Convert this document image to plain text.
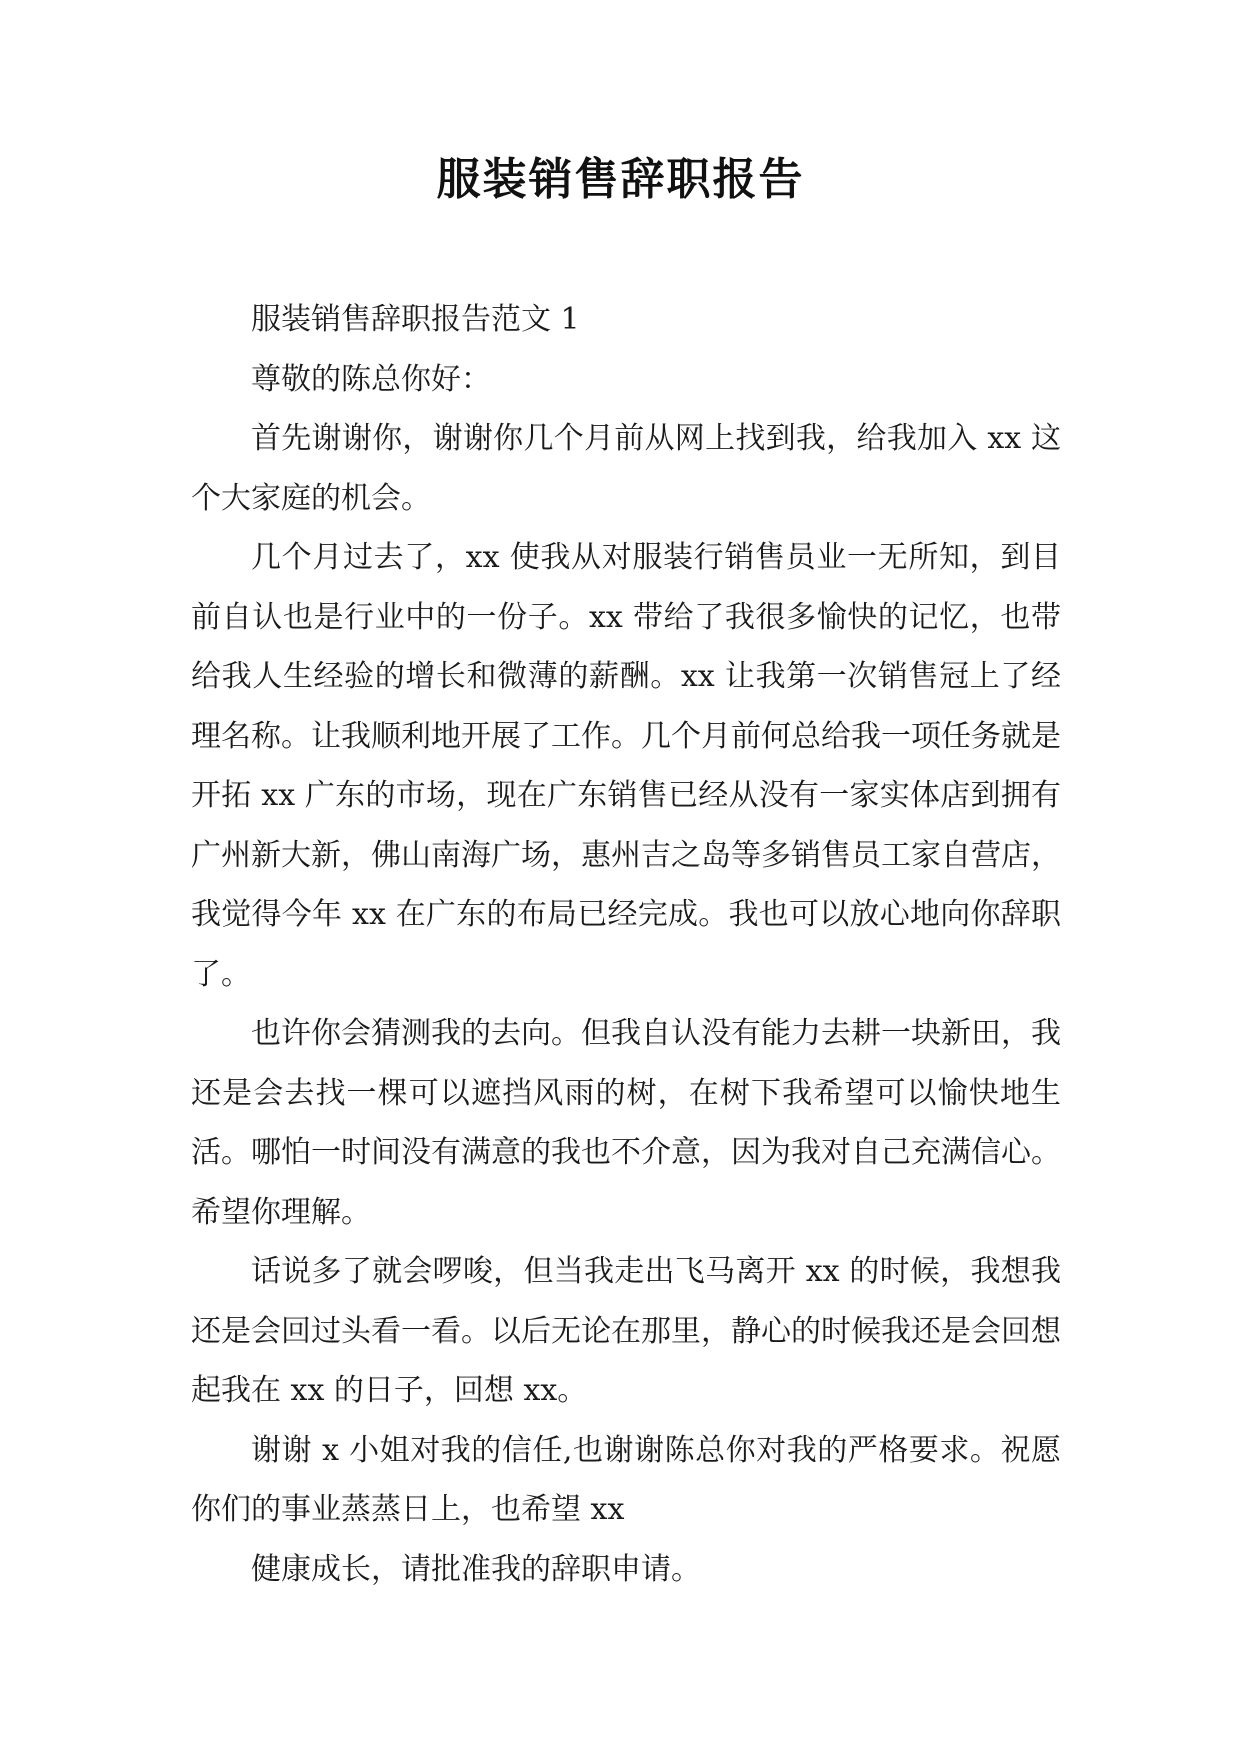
服装销售辞职报告

服装销售辞职报告范文 1

尊敬的陈总你好：

首先谢谢你，谢谢你几个月前从网上找到我，给我加入 xx 这个大家庭的机会。

几个月过去了，xx 使我从对服装行销售员业一无所知，到目前自认也是行业中的一份子。xx 带给了我很多愉快的记忆，也带给我人生经验的增长和微薄的薪酬。xx 让我第一次销售冠上了经理名称。让我顺利地开展了工作。几个月前何总给我一项任务就是开拓 xx 广东的市场，现在广东销售已经从没有一家实体店到拥有广州新大新，佛山南海广场，惠州吉之岛等多销售员工家自营店，我觉得今年 xx 在广东的布局已经完成。我也可以放心地向你辞职了。

也许你会猜测我的去向。但我自认没有能力去耕一块新田，我还是会去找一棵可以遮挡风雨的树，在树下我希望可以愉快地生活。哪怕一时间没有满意的我也不介意，因为我对自己充满信心。希望你理解。

话说多了就会啰唆，但当我走出飞马离开 xx 的时候，我想我还是会回过头看一看。以后无论在那里，静心的时候我还是会回想起我在 xx 的日子，回想 xx。

谢谢 x 小姐对我的信任,也谢谢陈总你对我的严格要求。祝愿你们的事业蒸蒸日上，也希望 xx

健康成长，请批准我的辞职申请。
